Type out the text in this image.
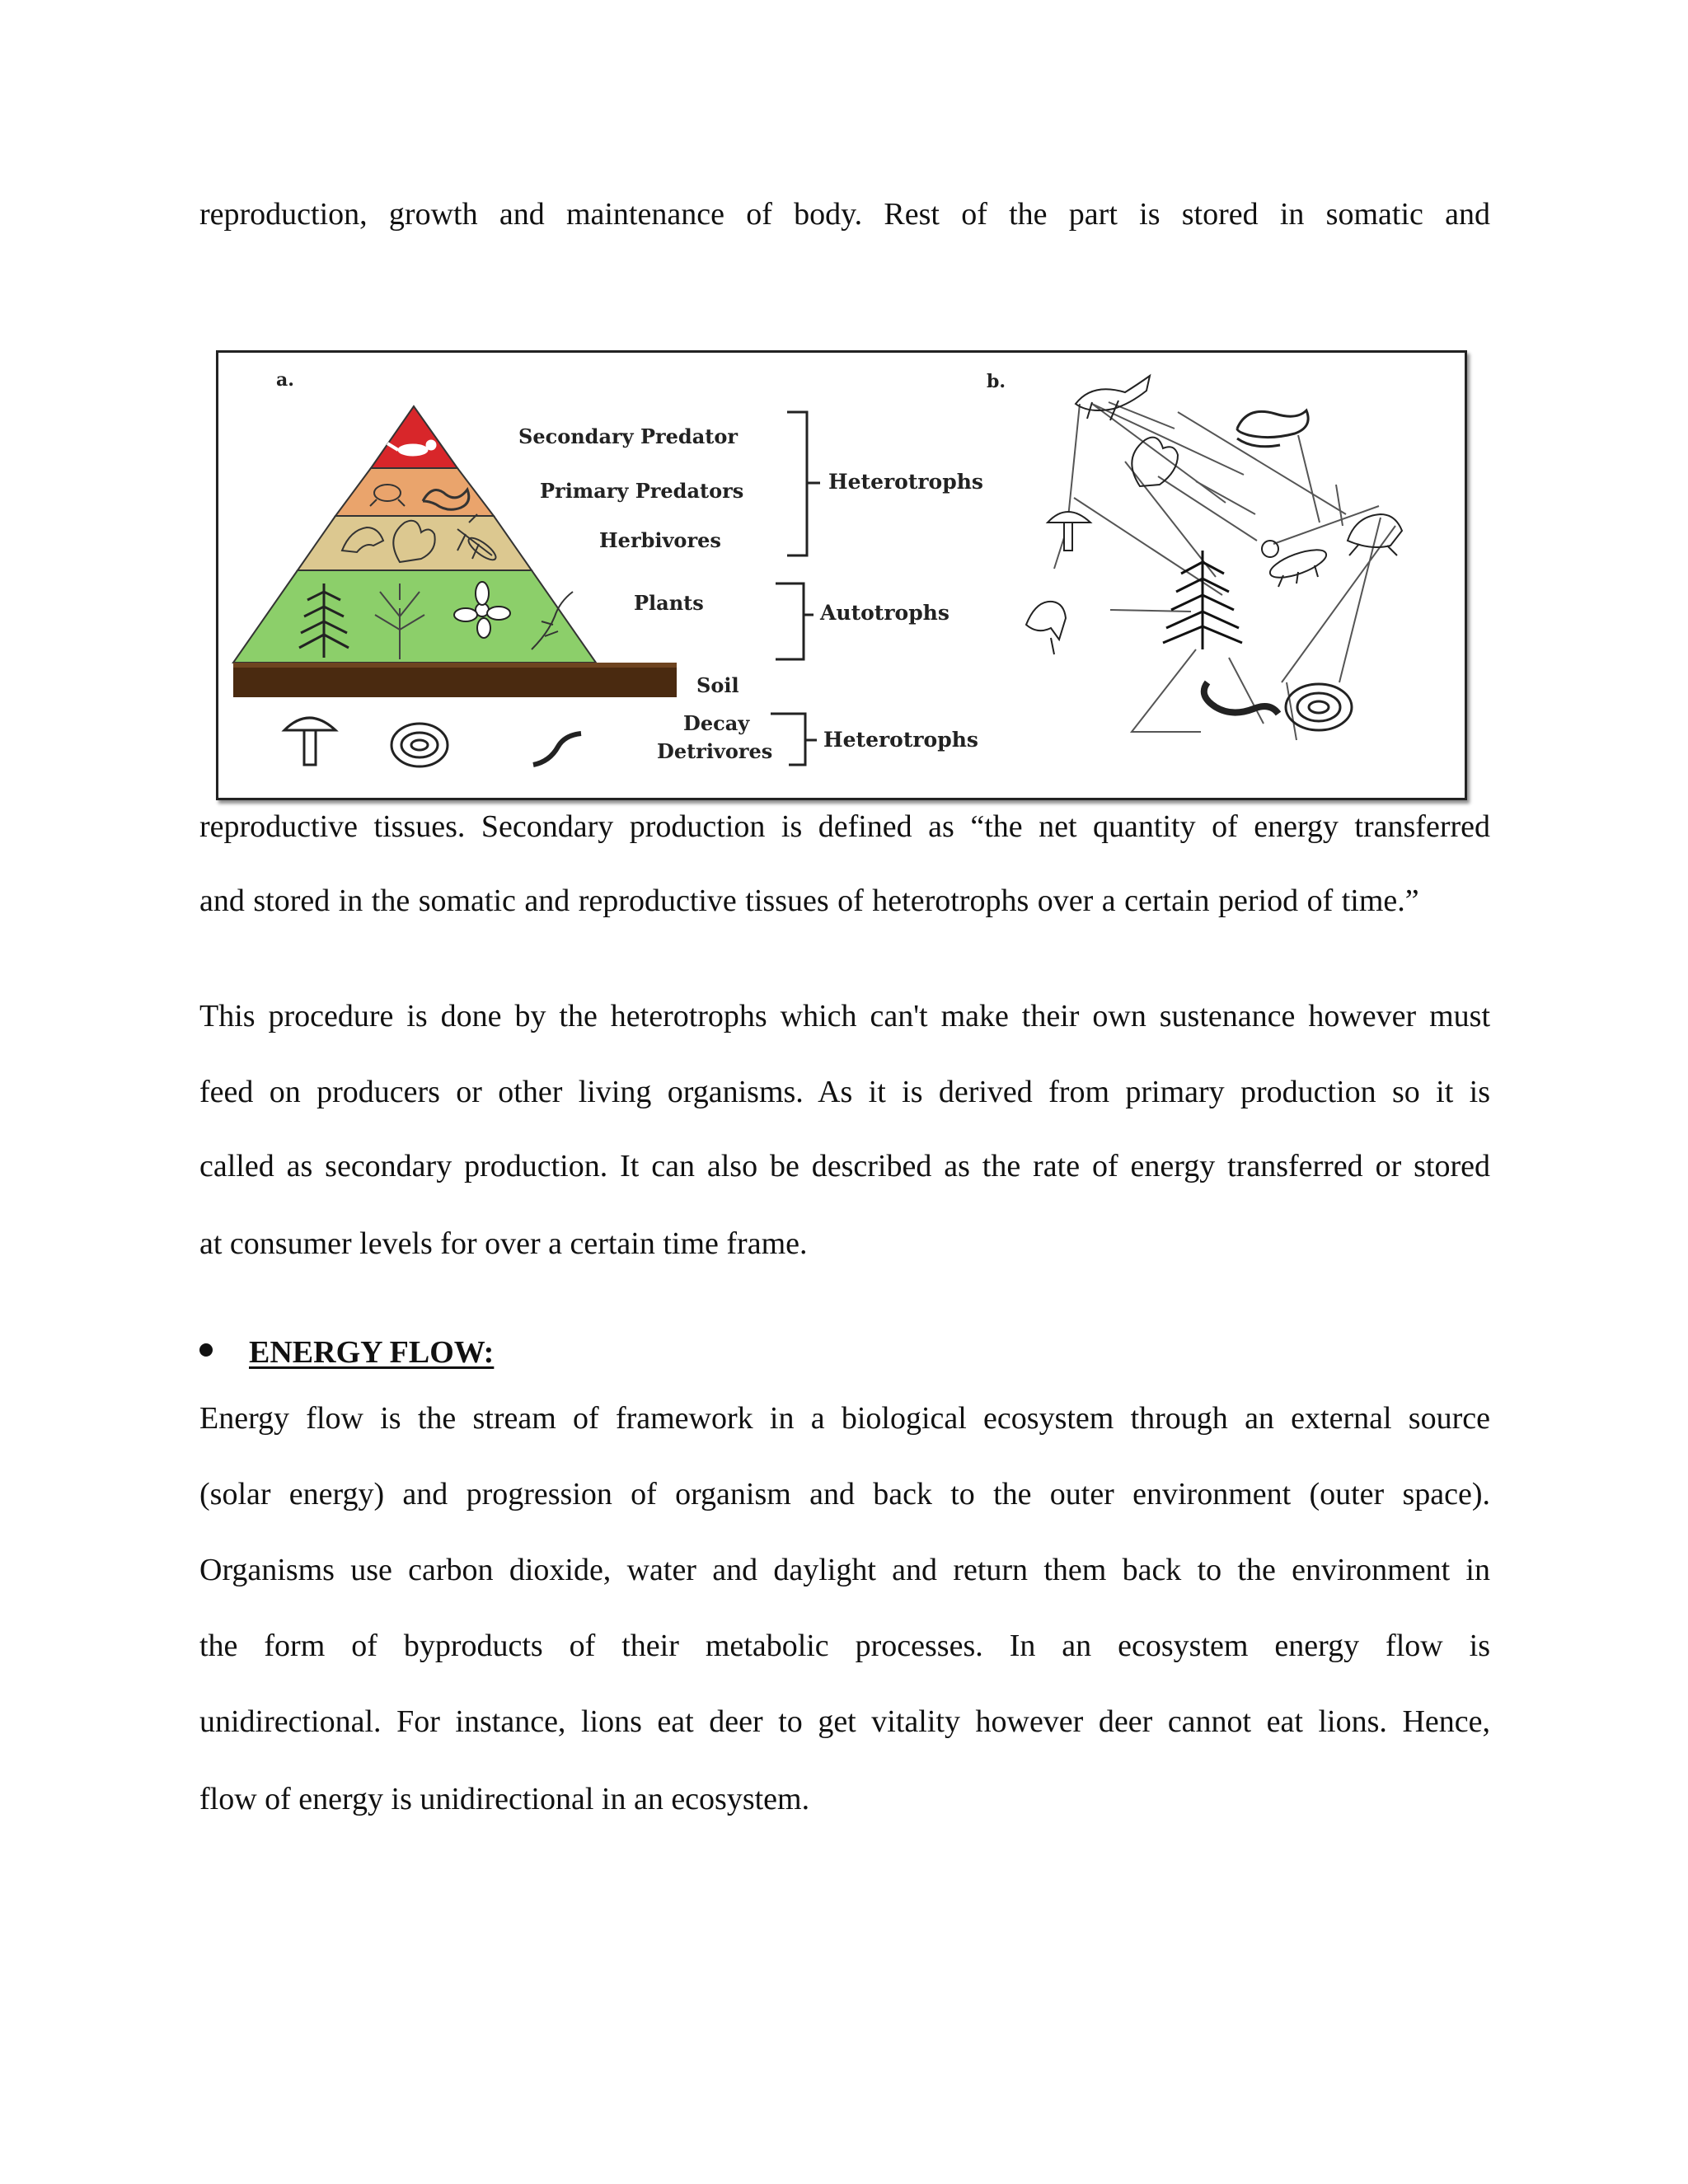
reproduction, growth and maintenance of body. Rest of the part is stored in somatic and
a.	b.
Secondary Predator
Primary Predators
Herbivores
Plants
Soil
Decay
Detrivores
Heterotrophs
Autotrophs
Heterotrophs
reproductive tissues. Secondary production is defined as “the net quantity of energy transferred
and stored in the somatic and reproductive tissues of heterotrophs over a certain period of time.”
This procedure is done by the heterotrophs which can't make their own sustenance however must
feed on producers or other living organisms. As it is derived from primary production so it is
called as secondary production. It can also be described as the rate of energy transferred or stored
at consumer levels for over a certain time frame.
ENERGY FLOW:
Energy flow is the stream of framework in a biological ecosystem through an external source
(solar energy) and progression of organism and back to the outer environment (outer space).
Organisms use carbon dioxide, water and daylight and return them back to the environment in
the form of byproducts of their metabolic processes. In an ecosystem energy flow is
unidirectional. For instance, lions eat deer to get vitality however deer cannot eat lions. Hence,
flow of energy is unidirectional in an ecosystem.
